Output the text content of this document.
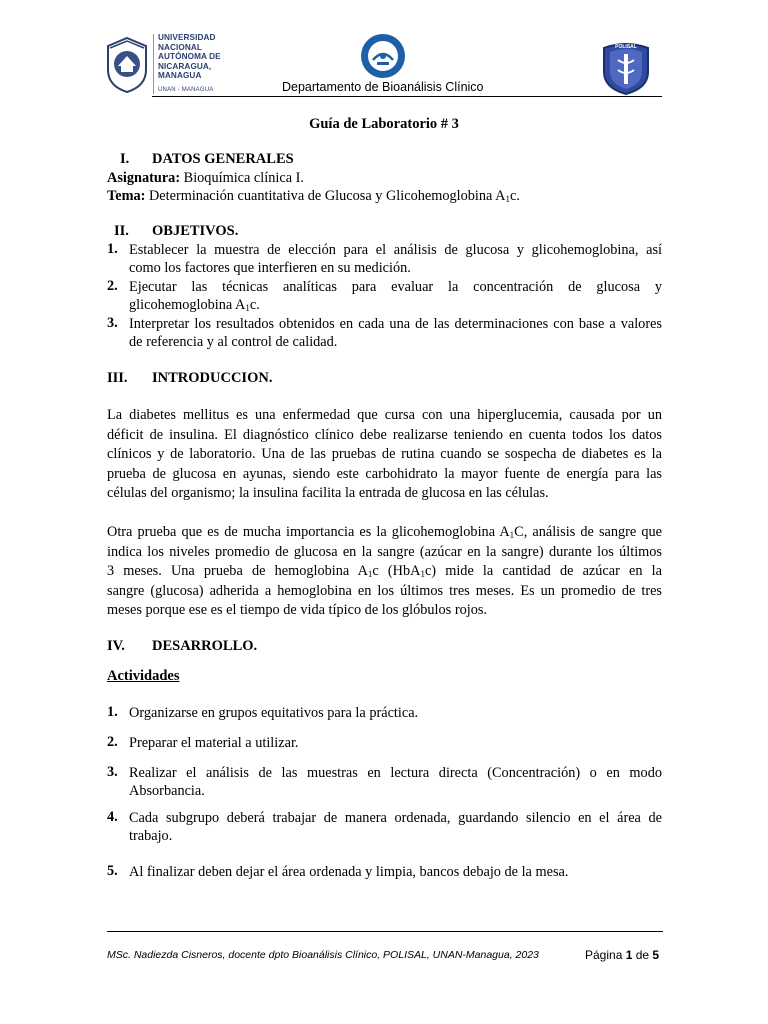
UNIVERSIDAD
NACIONAL
AUTÓNOMA DE
NICARAGUA,
MANAGUA
UNAN - MANAGUA	Departamento de Bioanálisis Clínico
POLISAL
Guía de Laboratorio # 3
I. DATOS GENERALES
Asignatura: Bioquímica clínica I.
Tema: Determinación cuantitativa de Glucosa y Glicohemoglobina $A_1c$.
II. OBJETIVOS.
1. Establecer la muestra de elección para el análisis de glucosa y glicohemoglobina, así
como los factores que interfieren en su medición.
2. Ejecutar las técnicas analíticas para evaluar la concentración de glucosa y
glicohemoglobina $A_1c$.
3. Interpretar los resultados obtenidos en cada una de las determinaciones con base a valores
de referencia y al control de calidad.
III. INTRODUCCION.
La diabetes mellitus es una enfermedad que cursa con una hiperglucemia, causada por un
déficit de insulina. El diagnóstico clínico debe realizarse teniendo en cuenta todos los datos
clínicos y de laboratorio. Una de las pruebas de rutina cuando se sospecha de diabetes es la
prueba de glucosa en ayunas, siendo este carbohidrato la mayor fuente de energía para las
células del organismo; la insulina facilita la entrada de glucosa en las células.
Otra prueba que es de mucha importancia es la glicohemoglobina $A_1C$, análisis de sangre que
indica los niveles promedio de glucosa en la sangre (azúcar en la sangre) durante los últimos
3 meses. Una prueba de hemoglobina $A_1c$ (HbA$_1$c) mide la cantidad de azúcar en la
sangre (glucosa) adherida a hemoglobina en los últimos tres meses. Es un promedio de tres
meses porque ese es el tiempo de vida típico de los glóbulos rojos.
IV. DESARROLLO.
Actividades
1. Organizarse en grupos equitativos para la práctica.
2. Preparar el material a utilizar.
3. Realizar el análisis de las muestras en lectura directa (Concentración) o en modo
Absorbancia.
4. Cada subgrupo deberá trabajar de manera ordenada, guardando silencio en el área de
trabajo.
5. Al finalizar deben dejar el área ordenada y limpia, bancos debajo de la mesa.
MSc. Nadiezda Cisneros, docente dpto Bioanálisis Clínico, POLISAL, UNAN-Managua, 2023	Página 1 de 5
